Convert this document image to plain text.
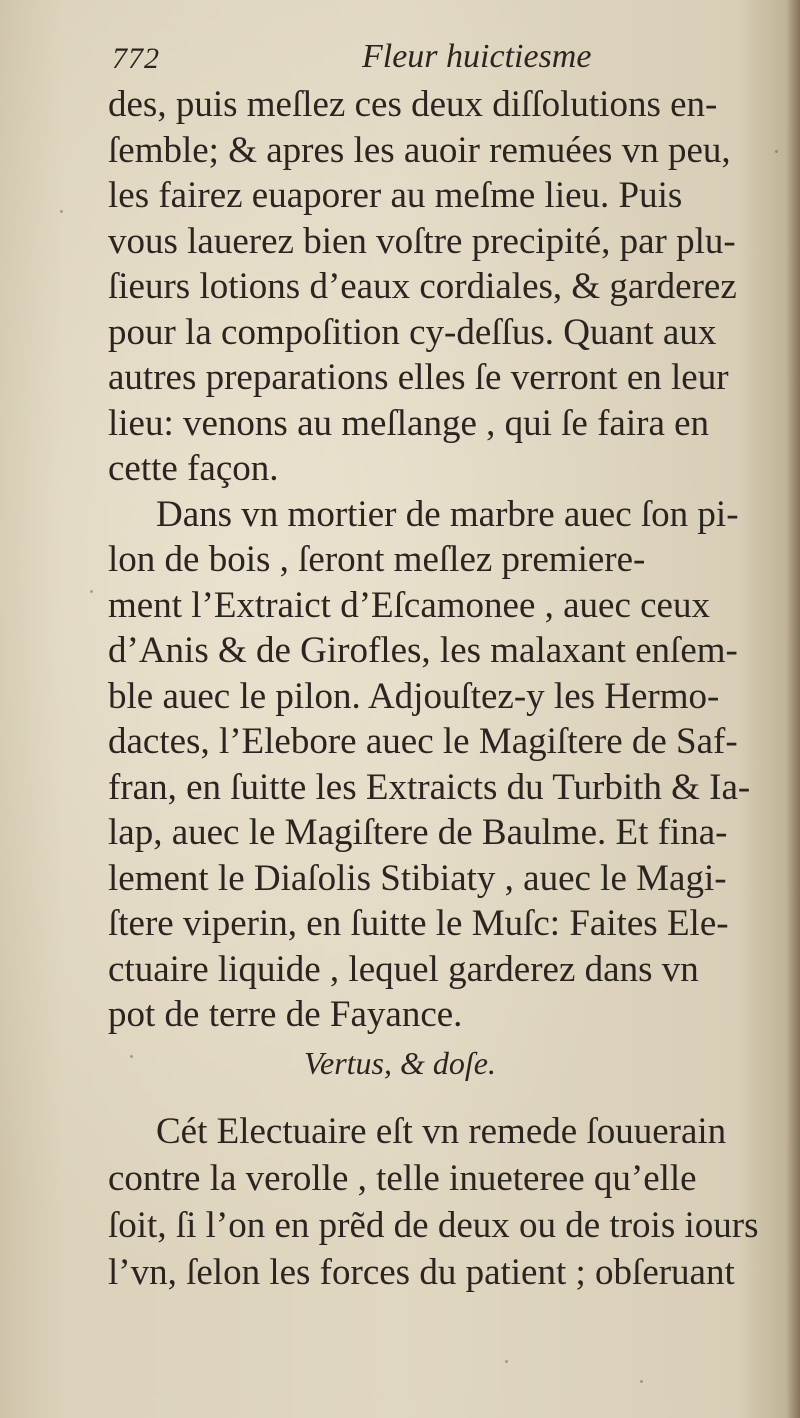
772	Fleur huictiesme
des, puis meſlez ces deux diſſolutions en-
ſemble; & apres les auoir remuées vn peu,
les fairez euaporer au meſme lieu. Puis
vous lauerez bien voſtre precipité, par plu-
ſieurs lotions d’eaux cordiales, & garderez
pour la compoſition cy-deſſus. Quant aux
autres preparations elles ſe verront en leur
lieu: venons au meſlange , qui ſe faira en
cette façon.
Dans vn mortier de marbre auec ſon pi-
lon de bois , ſeront meſlez premiere-
ment l’Extraict d’Eſcamonee , auec ceux
d’Anis & de Girofles, les malaxant enſem-
ble auec le pilon. Adjouſtez-y les Hermo-
dactes, l’Elebore auec le Magiſtere de Saf-
fran, en ſuitte les Extraicts du Turbith & Ia-
lap, auec le Magiſtere de Baulme. Et fina-
lement le Diaſolis Stibiaty , auec le Magi-
ſtere viperin, en ſuitte le Muſc: Faites Ele-
ctuaire liquide , lequel garderez dans vn
pot de terre de Fayance.
Vertus, & doſe.
Cét Electuaire eſt vn remede ſouuerain
contre la verolle , telle inueteree qu’elle
ſoit, ſi l’on en prẽd de deux ou de trois iours
l’vn, ſelon les forces du patient ; obſeruant
